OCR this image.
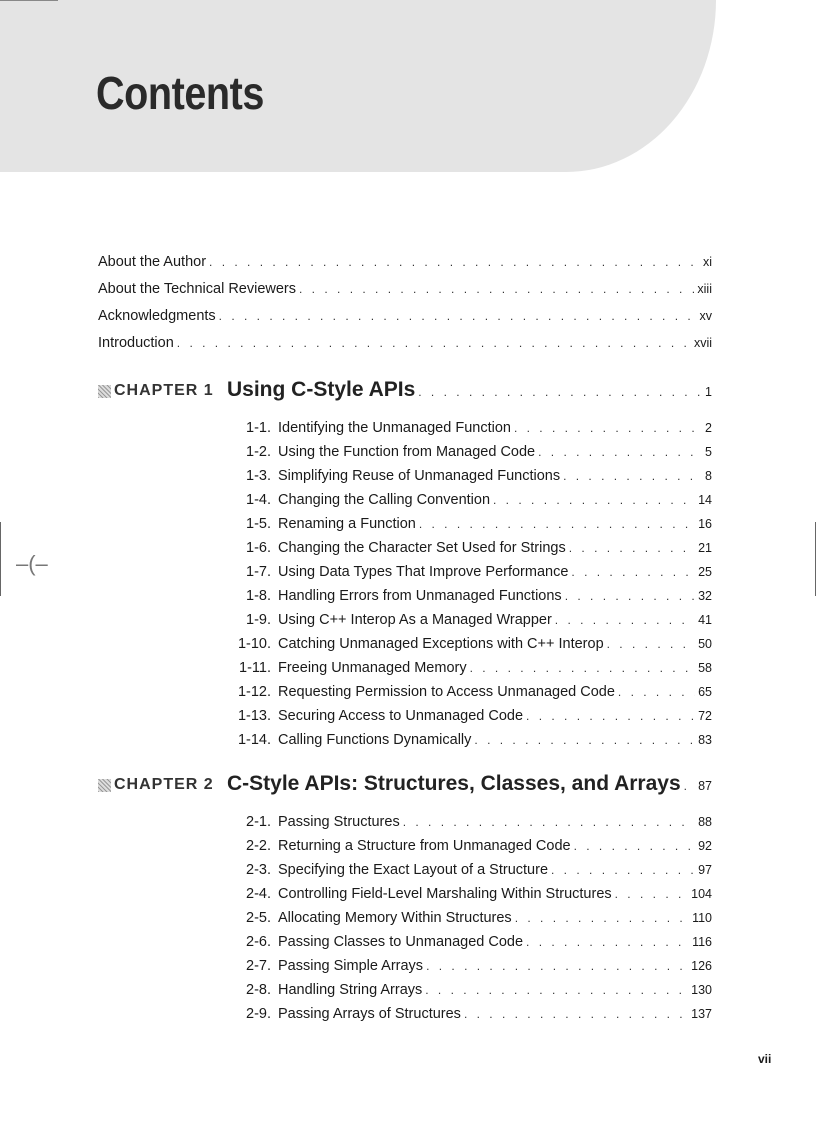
Contents
About the Author . . .	xi
About the Technical Reviewers . . .	xiii
Acknowledgments . . .	xv
Introduction . . .	xvii
CHAPTER 1 Using C-Style APIs . . .	1
1-1. Identifying the Unmanaged Function . . .	2
1-2. Using the Function from Managed Code . . .	5
1-3. Simplifying Reuse of Unmanaged Functions . . .	8
1-4. Changing the Calling Convention . . .	14
1-5. Renaming a Function . . .	16
1-6. Changing the Character Set Used for Strings . . .	21
1-7. Using Data Types That Improve Performance . . .	25
1-8. Handling Errors from Unmanaged Functions . . .	32
1-9. Using C++ Interop As a Managed Wrapper . . .	41
1-10. Catching Unmanaged Exceptions with C++ Interop . . .	50
1-11. Freeing Unmanaged Memory . . .	58
1-12. Requesting Permission to Access Unmanaged Code . . .	65
1-13. Securing Access to Unmanaged Code . . .	72
1-14. Calling Functions Dynamically . . .	83
CHAPTER 2 C-Style APIs: Structures, Classes, and Arrays . . . 87
2-1. Passing Structures . . .	88
2-2. Returning a Structure from Unmanaged Code . . .	92
2-3. Specifying the Exact Layout of a Structure . . .	97
2-4. Controlling Field-Level Marshaling Within Structures . . .	104
2-5. Allocating Memory Within Structures . . .	110
2-6. Passing Classes to Unmanaged Code . . .	116
2-7. Passing Simple Arrays . . .	126
2-8. Handling String Arrays . . .	130
2-9. Passing Arrays of Structures . . .	137
–(–
vii
